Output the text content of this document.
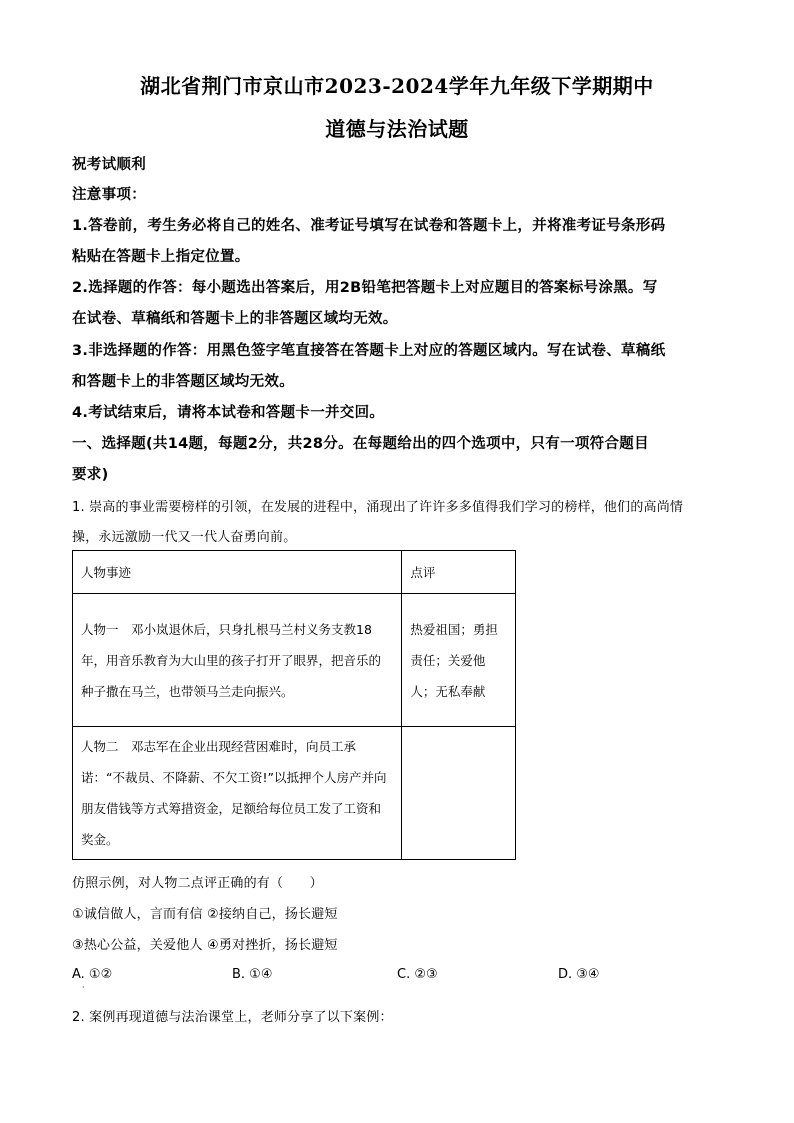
湖北省荆门市京山市2023-2024学年九年级下学期期中
道德与法治试题
祝考试顺利
注意事项：
1.答卷前，考生务必将自己的姓名、准考证号填写在试卷和答题卡上，并将准考证号条形码
粘贴在答题卡上指定位置。
2.选择题的作答：每小题选出答案后，用2B铅笔把答题卡上对应题目的答案标号涂黑。写
在试卷、草稿纸和答题卡上的非答题区域均无效。
3.非选择题的作答：用黑色签字笔直接答在答题卡上对应的答题区域内。写在试卷、草稿纸
和答题卡上的非答题区域均无效。
4.考试结束后，请将本试卷和答题卡一并交回。
一、选择题(共14题，每题2分，共28分。在每题给出的四个选项中，只有一项符合题目
要求)
1. 崇高的事业需要榜样的引领，在发展的进程中，涌现出了许许多多值得我们学习的榜样，他们的高尚情
操，永远激励一代又一代人奋勇向前。
人物事迹	点评
人物一　邓小岚退休后，只身扎根马兰村义务支教18年，用音乐教育为大山里的孩子打开了眼界，把音乐的种子撒在马兰，也带领马兰走向振兴。	热爱祖国；勇担责任；关爱他人；无私奉献
人物二　邓志军在企业出现经营困难时，向员工承诺：“不裁员、不降薪、不欠工资!”以抵押个人房产并向朋友借钱等方式筹措资金，足额给每位员工发了工资和奖金。	
仿照示例，对人物二点评正确的有（　　）
①诚信做人，言而有信 ②接纳自己，扬长避短
③热心公益，关爱他人 ④勇对挫折，扬长避短
A. ①②	B. ①④	C. ②③	D. ③④
·
2. 案例再现道德与法治课堂上，老师分享了以下案例：
